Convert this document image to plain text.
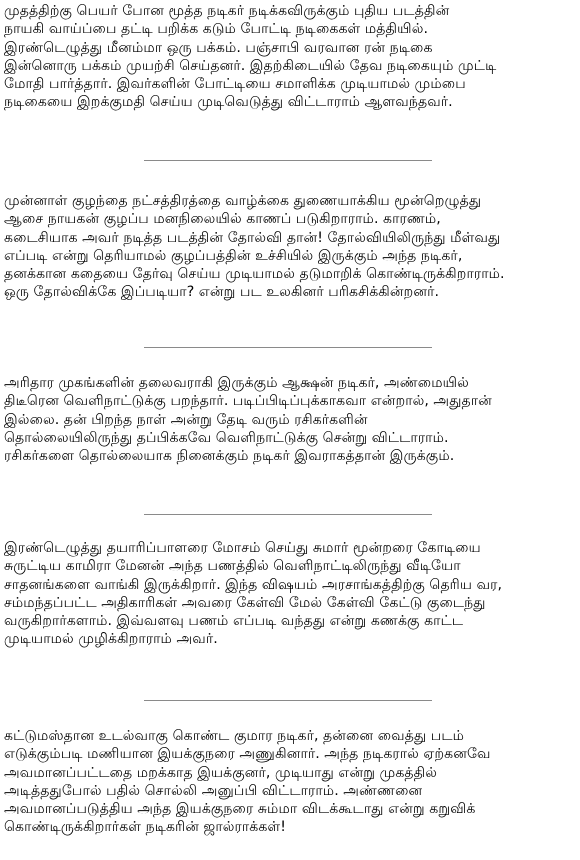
முதத்திற்கு பெயர் போன மூத்த நடிகர் நடிக்கவிருக்கும் புதிய படத்தின்
நாயகி வாய்ப்பை தட்டி பறிக்க கடும் போட்டி நடிகைகள் மத்தியில்.
இரண்டெழுத்து மீனம்மா ஒரு பக்கம். பஞ்சாபி வரவான ரன் நடிகை
இன்னொரு பக்கம் முயற்சி செய்தனர். இதற்கிடையில் தேவ நடிகையும் முட்டி
மோதி பார்த்தார். இவர்களின் போட்டியை சமாளிக்க முடியாமல் மும்பை
நடிகையை இறக்குமதி செய்ய முடிவெடுத்து விட்டாராம் ஆளவந்தவர்.
முன்னாள் குழந்தை நட்சத்திரத்தை வாழ்க்கை துணையாக்கிய மூன்றெழுத்து
ஆசை நாயகன் குழப்ப மனநிலையில் காணப் படுகிறாராம். காரணம்,
கடைசியாக அவர் நடித்த படத்தின் தோல்வி தான்! தோல்வியிலிருந்து மீள்வது
எப்படி என்று தெரியாமல் குழப்பத்தின் உச்சியில் இருக்கும் அந்த நடிகர்,
தனக்கான கதையை தேர்வு செய்ய முடியாமல் தடுமாறிக் கொண்டிருக்கிறாராம்.
ஒரு தோல்விக்கே இப்படியா? என்று பட உலகினர் பரிகசிக்கின்றனர்.
அரிதார முகங்களின் தலைவராகி இருக்கும் ஆக்ஷன் நடிகர், அண்மையில்
திடீரென வெளிநாட்டுக்கு பறந்தார். படிப்பிடிப்புக்காகவா என்றால், அதுதான்
இல்லை. தன் பிறந்த நாள் அன்று தேடி வரும் ரசிகர்களின்
தொல்லையிலிருந்து தப்பிக்கவே வெளிநாட்டுக்கு சென்று விட்டாராம்.
ரசிகர்களை தொல்லையாக நினைக்கும் நடிகர் இவராகத்தான் இருக்கும்.
இரண்டெழுத்து தயாரிப்பாளரை மோசம் செய்து சுமார் மூன்றரை கோடியை
சுருட்டிய காமிரா மேனன் அந்த பணத்தில் வெளிநாட்டிலிருந்து வீடியோ
சாதனங்களை வாங்கி இருக்கிறார். இந்த விஷயம் அரசாங்கத்திற்கு தெரிய வர,
சம்மந்தப்பட்ட அதிகாரிகள் அவரை கேள்வி மேல் கேள்வி கேட்டு குடைந்து
வருகிறார்களாம். இவ்வளவு பணம் எப்படி வந்தது என்று கணக்கு காட்ட
முடியாமல் முழிக்கிறாராம் அவர்.
கட்டுமஸ்தான உடல்வாகு கொண்ட குமார நடிகர், தன்னை வைத்து படம்
எடுக்கும்படி மணியான இயக்குநரை அணுகினார். அந்த நடிகரால் ஏற்கனவே
அவமானப்பட்டதை மறக்காத இயக்குனர், முடியாது என்று முகத்தில்
அடித்ததுபோல் பதில் சொல்லி அனுப்பி விட்டாராம். அண்ணனை
அவமானப்படுத்திய அந்த இயக்குநரை சும்மா விடக்கூடாது என்று கறுவிக்
கொண்டிருக்கிறார்கள் நடிகரின் ஜால்ராக்கள்!
